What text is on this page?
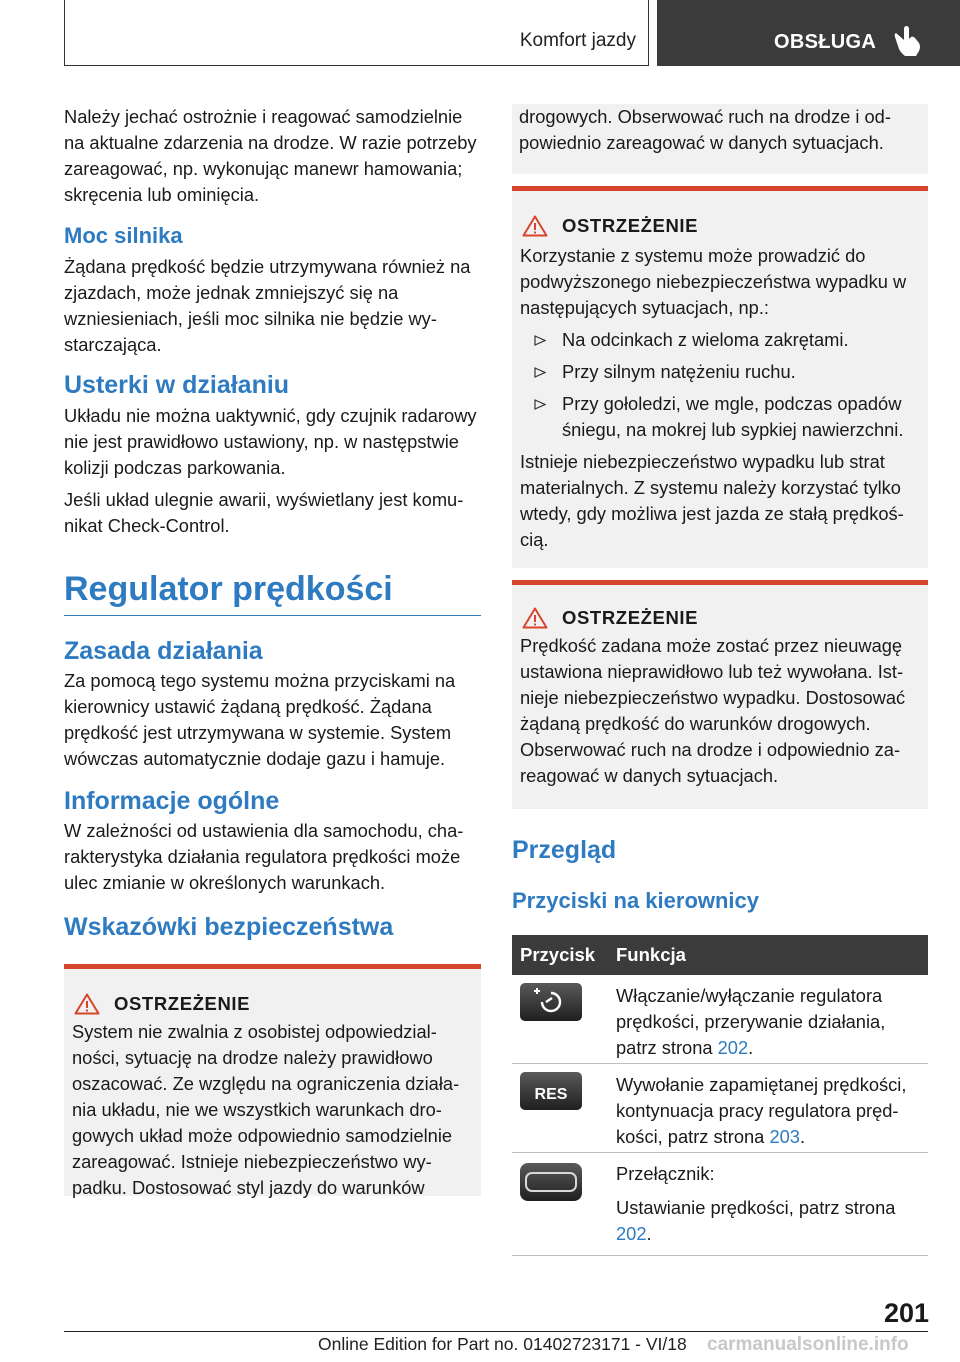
Komfort jazdy	OBSŁUGA

Należy jechać ostrożnie i reagować samodzielnie na aktualne zdarzenia na drodze. W razie potrzeby zareagować, np. wykonując manewr hamowania; skręcenia lub ominięcia.

Moc silnika

Żądana prędkość będzie utrzymywana również na zjazdach, może jednak zmniejszyć się na wzniesieniach, jeśli moc silnika nie będzie wystarczająca.

Usterki w działaniu

Układu nie można uaktywnić, gdy czujnik radarowy nie jest prawidłowo ustawiony, np. w następstwie kolizji podczas parkowania.

Jeśli układ ulegnie awarii, wyświetlany jest komunikat Check-Control.

Regulator prędkości
Zasada działania

Za pomocą tego systemu można przyciskami na kierownicy ustawić żądaną prędkość. Żądana prędkość jest utrzymywana w systemie. System wówczas automatycznie dodaje gazu i hamuje.

Informacje ogólne

W zależności od ustawienia dla samochodu, charakterystyka działania regulatora prędkości może ulec zmianie w określonych warunkach.

Wskazówki bezpieczeństwa
OSTRZEŻENIE

System nie zwalnia z osobistej odpowiedzialności, sytuację na drodze należy prawidłowo oszacować. Ze względu na ograniczenia działania układu, nie we wszystkich warunkach drogowych układ może odpowiednio samodzielnie zareagować. Istnieje niebezpieczeństwo wypadku. Dostosować styl jazdy do warunków

drogowych. Obserwować ruch na drodze i odpowiednio zareagować w danych sytuacjach.

OSTRZEŻENIE

Korzystanie z systemu może prowadzić do podwyższonego niebezpieczeństwa wypadku w następujących sytuacjach, np.:

Na odcinkach z wieloma zakrętami.
Przy silnym natężeniu ruchu.
Przy gołoledzi, we mgle, podczas opadów śniegu, na mokrej lub sypkiej nawierzchni.

Istnieje niebezpieczeństwo wypadku lub strat materialnych. Z systemu należy korzystać tylko wtedy, gdy możliwa jest jazda ze stałą prędkością.

OSTRZEŻENIE

Prędkość zadana może zostać przez nieuwagę ustawiona nieprawidłowo lub też wywołana. Istnieje niebezpieczeństwo wypadku. Dostosować żądaną prędkość do warunków drogowych. Obserwować ruch na drodze i odpowiednio zareagować w danych sytuacjach.

Przegląd
Przyciski na kierownicy
Przycisk	Funkcja

	Włączanie/wyłączanie regulatora prędkości, przerywanie działania, patrz strona 202.

RES	Wywołanie zapamiętanej prędkości, kontynuacja pracy regulatora prędkości, patrz strona 203.

Przełącznik:

Ustawianie prędkości, patrz strona 202.

201
Online Edition for Part no. 01402723171 - VI/18 carmanualsonline.info
